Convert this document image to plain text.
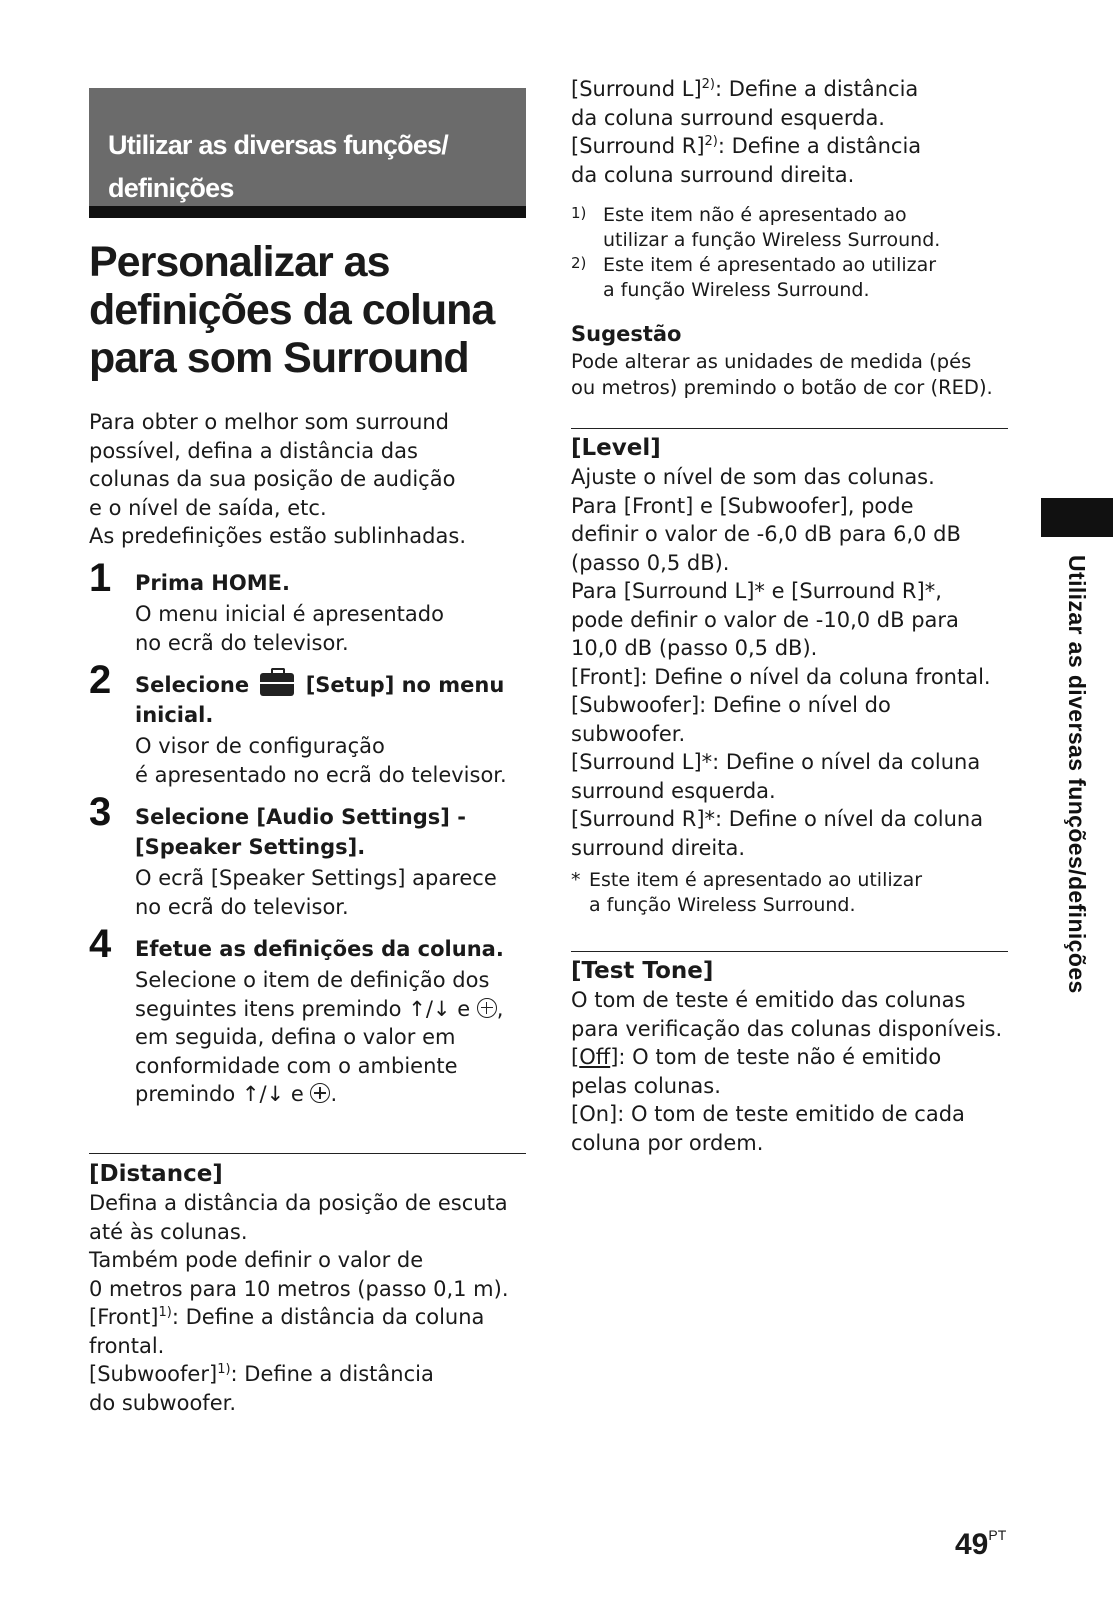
Utilizar as diversas funções/
definições
Personalizar as
definições da coluna
para som Surround
Para obter o melhor som surround
possível, defina a distância das
colunas da sua posição de audição
e o nível de saída, etc.
As predefinições estão sublinhadas.
1 Prima HOME.
O menu inicial é apresentado
no ecrã do televisor.
2 Selecione	[Setup] no menu
inicial.
O visor de configuração
é apresentado no ecrã do televisor.
3 Selecione [Audio Settings] -
[Speaker Settings].
O ecrã [Speaker Settings] aparece
no ecrã do televisor.
4 Efetue as definições da coluna.
Selecione o item de definição dos
seguintes itens premindo ↑/↓ e ,
em seguida, defina o valor em
conformidade com o ambiente
premindo ↑/↓ e .
[Distance]
Defina a distância da posição de escuta
até às colunas.
Também pode definir o valor de
0 metros para 10 metros (passo 0,1 m).
[Front]$^{1)}$: Define a distância da coluna
frontal.
[Subwoofer]$^{1)}$: Define a distância
do subwoofer.
[Surround L]$^{2)}$: Define a distância
da coluna surround esquerda.
[Surround R]$^{2)}$: Define a distância
da coluna surround direita.
1) Este item não é apresentado ao
utilizar a função Wireless Surround.
2) Este item é apresentado ao utilizar
a função Wireless Surround.
Sugestão
Pode alterar as unidades de medida (pés
ou metros) premindo o botão de cor (RED).
[Level]
Ajuste o nível de som das colunas.
Para [Front] e [Subwoofer], pode
definir o valor de -6,0 dB para 6,0 dB
(passo 0,5 dB).
Para [Surround L]* e [Surround R]*,
pode definir o valor de -10,0 dB para
10,0 dB (passo 0,5 dB).
[Front]: Define o nível da coluna frontal.
[Subwoofer]: Define o nível do
subwoofer.
[Surround L]*: Define o nível da coluna
surround esquerda.
[Surround R]*: Define o nível da coluna
surround direita.
* Este item é apresentado ao utilizar
a função Wireless Surround.
[Test Tone]
O tom de teste é emitido das colunas
para verificação das colunas disponíveis.
[Off]: O tom de teste não é emitido
pelas colunas.
[On]: O tom de teste emitido de cada
coluna por ordem.
Utilizar as diversas funções/definições
$49^{PT}$
